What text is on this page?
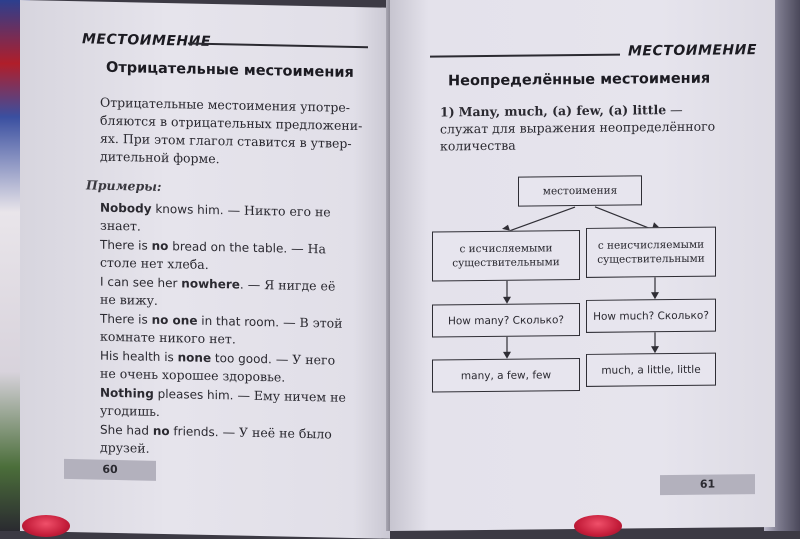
МЕСТОИМЕНИЕ
Отрицательные местоимения
Отрицательные местоимения употре-
бляются в отрицательных предложени-
ях. При этом глагол ставится в утвер-
дительной форме.
Примеры:
Nobody knows him. — Никто его не
знает.
There is no bread on the table. — На
столе нет хлеба.
I can see her nowhere. — Я нигде её
не вижу.
There is no one in that room. — В этой
комнате никого нет.
His health is none too good. — У него
не очень хорошее здоровье.
Nothing pleases him. — Ему ничем не
угодишь.
She had no friends. — У неё не было
друзей.
60
МЕСТОИМЕНИЕ
Неопределённые местоимения
1) Many, much, (a) few, (a) little —
служат для выражения неопределённого
количества
местоимения
с исчисляемыми
существительными
с неисчисляемыми
существительными
How many? Сколько?	How much? Сколько?
many, a few, few	much, a little, little
61
